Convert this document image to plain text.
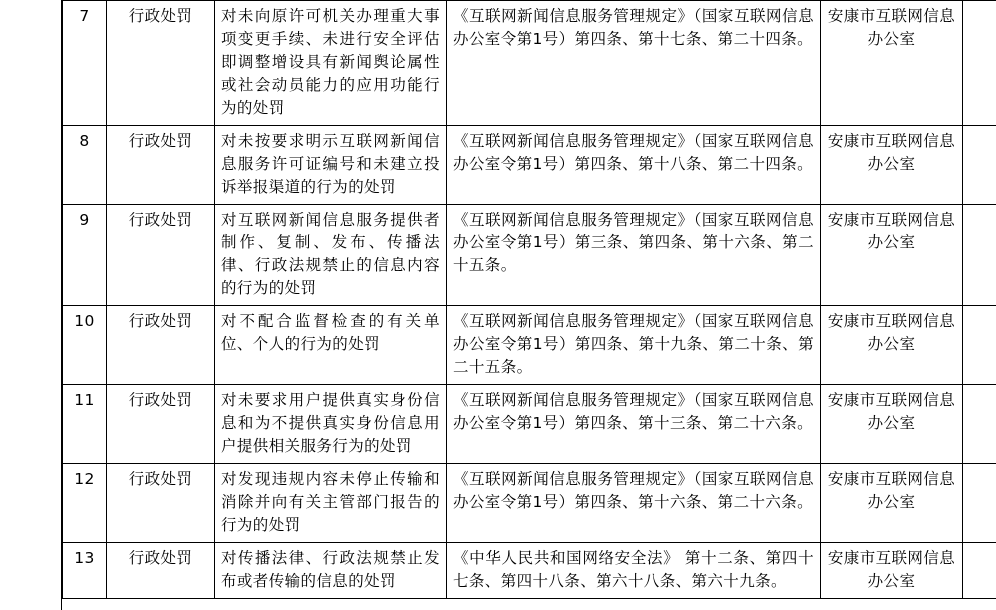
7	行政处罚	对未向原许可机关办理重大事项变更手续、未进行安全评估即调整增设具有新闻舆论属性或社会动员能力的应用功能行为的处罚	《互联网新闻信息服务管理规定》（国家互联网信息办公室令第1号）第四条、第十七条、第二十四条。	安康市互联网信息办公室	
8	行政处罚	对未按要求明示互联网新闻信息服务许可证编号和未建立投诉举报渠道的行为的处罚	《互联网新闻信息服务管理规定》（国家互联网信息办公室令第1号）第四条、第十八条、第二十四条。	安康市互联网信息办公室	
9	行政处罚	对互联网新闻信息服务提供者制作、复制、发布、传播法律、行政法规禁止的信息内容的行为的处罚	《互联网新闻信息服务管理规定》（国家互联网信息办公室令第1号）第三条、第四条、第十六条、第二十五条。	安康市互联网信息办公室	
10	行政处罚	对不配合监督检查的有关单位、个人的行为的处罚	《互联网新闻信息服务管理规定》（国家互联网信息办公室令第1号）第四条、第十九条、第二十条、第二十五条。	安康市互联网信息办公室	
11	行政处罚	对未要求用户提供真实身份信息和为不提供真实身份信息用户提供相关服务行为的处罚	《互联网新闻信息服务管理规定》（国家互联网信息办公室令第1号）第四条、第十三条、第二十六条。	安康市互联网信息办公室	
12	行政处罚	对发现违规内容未停止传输和消除并向有关主管部门报告的行为的处罚	《互联网新闻信息服务管理规定》（国家互联网信息办公室令第1号）第四条、第十六条、第二十六条。	安康市互联网信息办公室	
13	行政处罚	对传播法律、行政法规禁止发布或者传输的信息的处罚	《中华人民共和国网络安全法》 第十二条、第四十七条、第四十八条、第六十八条、第六十九条。	安康市互联网信息办公室	
